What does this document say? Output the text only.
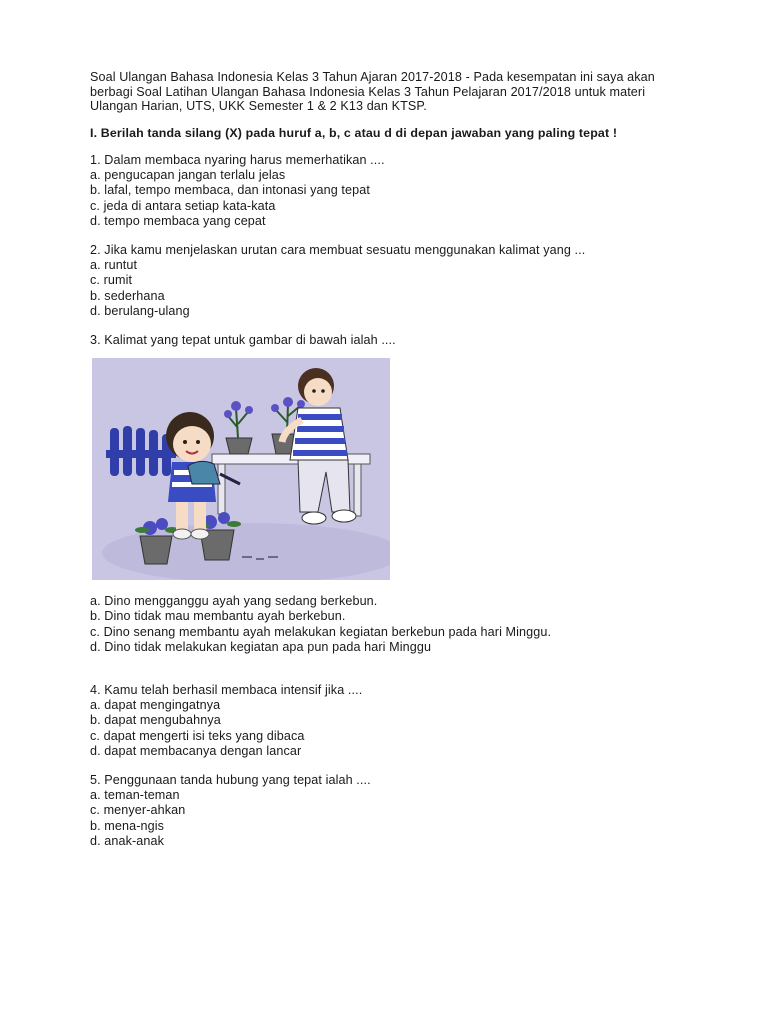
Soal Ulangan Bahasa Indonesia Kelas 3 Tahun Ajaran 2017-2018 - Pada kesempatan ini saya akan berbagi Soal Latihan Ulangan Bahasa Indonesia Kelas 3 Tahun Pelajaran 2017/2018 untuk materi Ulangan Harian, UTS, UKK Semester 1 & 2 K13 dan KTSP.

I. Berilah tanda silang (X) pada huruf a, b, c atau d di depan jawaban yang paling tepat !

1. Dalam membaca nyaring harus memerhatikan ....
a. pengucapan jangan terlalu jelas
b. lafal, tempo membaca, dan intonasi yang tepat
c. jeda di antara setiap kata-kata
d. tempo membaca yang cepat
2. Jika kamu menjelaskan urutan cara membuat sesuatu menggunakan kalimat yang ...
a. runtut
c. rumit
b. sederhana
d. berulang-ulang
3. Kalimat yang tepat untuk gambar di bawah ialah ....
a. Dino mengganggu ayah yang sedang berkebun.
b. Dino tidak mau membantu ayah berkebun.
c. Dino senang membantu ayah melakukan kegiatan berkebun pada hari Minggu.
d. Dino tidak melakukan kegiatan apa pun pada hari Minggu
4. Kamu telah berhasil membaca intensif jika ....
a. dapat mengingatnya
b. dapat mengubahnya
c. dapat mengerti isi teks yang dibaca
d. dapat membacanya dengan lancar
5. Penggunaan tanda hubung yang tepat ialah ....
a. teman-teman
c. menyer-ahkan
b. mena-ngis
d. anak-anak
